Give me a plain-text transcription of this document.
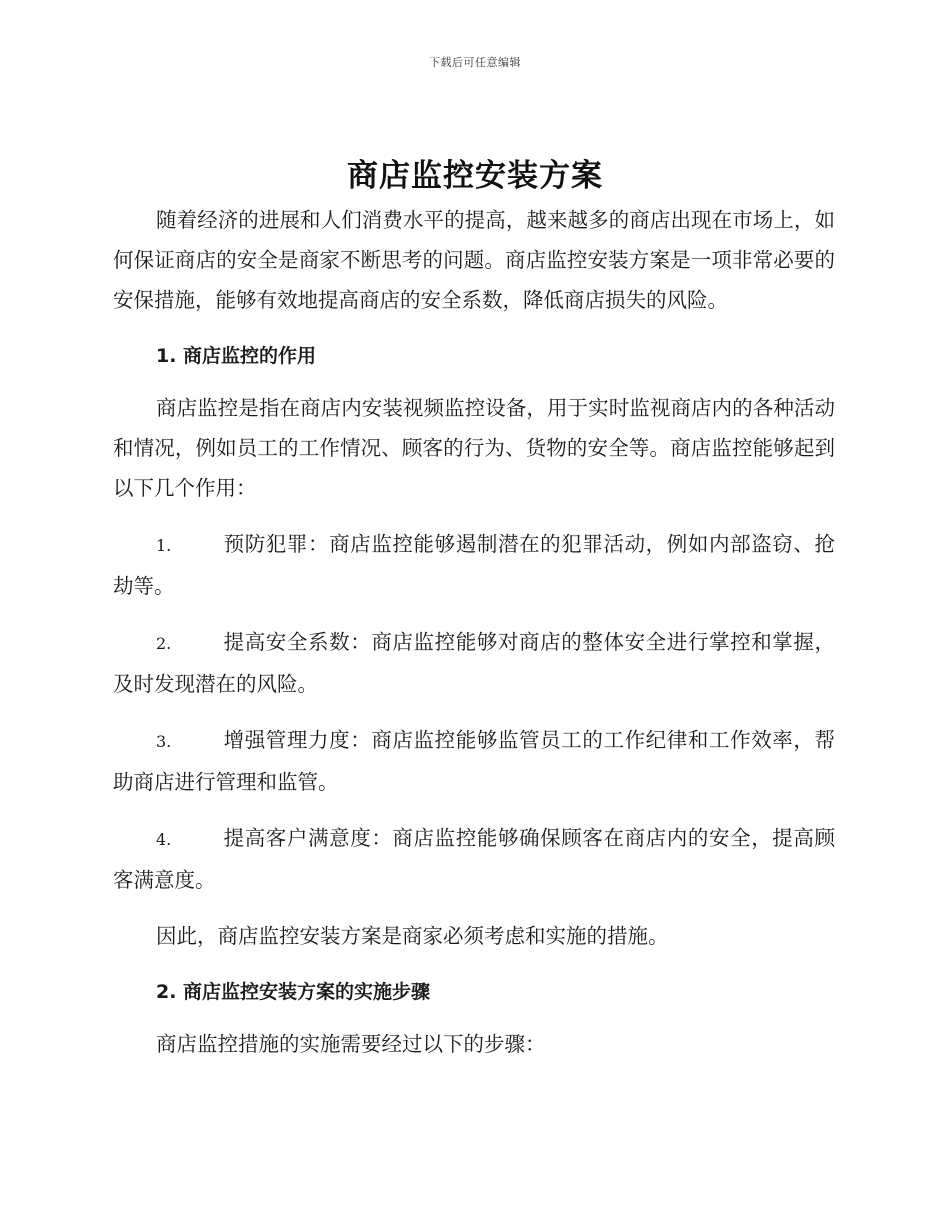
下载后可任意编辑
商店监控安装方案

随着经济的进展和人们消费水平的提高，越来越多的商店出现在市场上，如何保证商店的安全是商家不断思考的问题。商店监控安装方案是一项非常必要的安保措施，能够有效地提高商店的安全系数，降低商店损失的风险。

1. 商店监控的作用

商店监控是指在商店内安装视频监控设备，用于实时监视商店内的各种活动和情况，例如员工的工作情况、顾客的行为、货物的安全等。商店监控能够起到以下几个作用：

1.	预防犯罪：商店监控能够遏制潜在的犯罪活动，例如内部盗窃、抢劫等。

2.	提高安全系数：商店监控能够对商店的整体安全进行掌控和掌握，及时发现潜在的风险。

3.	增强管理力度：商店监控能够监管员工的工作纪律和工作效率，帮助商店进行管理和监管。

4.	提高客户满意度：商店监控能够确保顾客在商店内的安全，提高顾客满意度。

因此，商店监控安装方案是商家必须考虑和实施的措施。

2. 商店监控安装方案的实施步骤

商店监控措施的实施需要经过以下的步骤：
